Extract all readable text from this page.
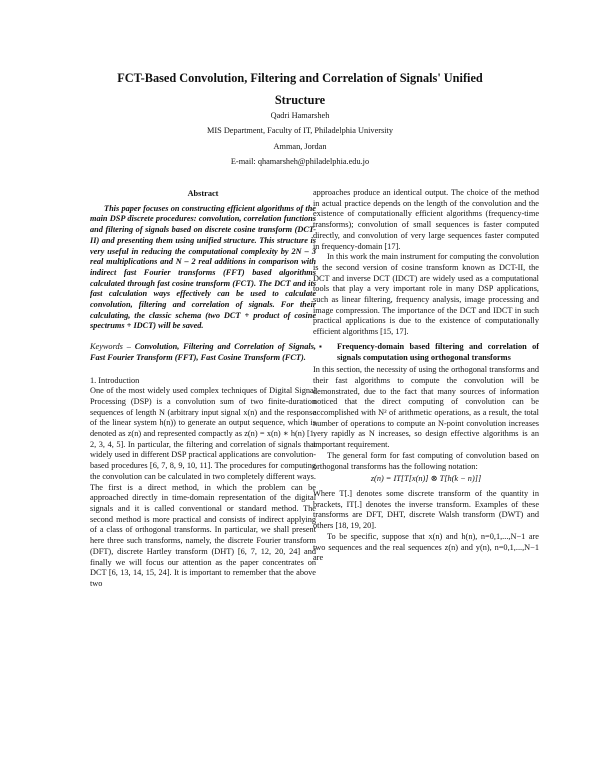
FCT-Based Convolution, Filtering and Correlation of Signals' Unified
Structure

Qadri Hamarsheh

MIS Department, Faculty of IT, Philadelphia University

Amman, Jordan

E-mail: qhamarsheh@philadelphia.edu.jo

Abstract

This paper focuses on constructing efficient algorithms of the main DSP discrete procedures: convolution, correlation functions and filtering of signals based on discrete cosine transform (DCT-II) and presenting them using unified structure. This structure is very useful in reducing the computational complexity by 2N – 3 real multiplications and N – 2 real additions in comparison with indirect fast Fourier transforms (FFT) based algorithms calculated through fast cosine transform (FCT). The DCT and its fast calculation ways effectively can be used to calculate convolution, filtering and correlation of signals. For their calculating, the classic schema (two DCT + product of cosine spectrums + IDCT) will be saved.

Keywords – Convolution, Filtering and Correlation of Signals, Fast Fourier Transform (FFT), Fast Cosine Transform (FCT).

1. Introduction

One of the most widely used complex techniques of Digital Signal Processing (DSP) is a convolution sum of two finite-duration sequences of length N (arbitrary input signal x(n) and the response of the linear system h(n)) to generate an output sequence, which is denoted as z(n) and represented compactly as z(n) = x(n) ∗ h(n) [1, 2, 3, 4, 5]. In particular, the filtering and correlation of signals that widely used in different DSP practical applications are convolution-based procedures [6, 7, 8, 9, 10, 11]. The procedures for computing the convolution can be calculated in two completely different ways. The first is a direct method, in which the problem can be approached directly in time-domain representation of the digital signals and it is called conventional or standard method. The second method is more practical and consists of indirect applying of a class of orthogonal transforms. In particular, we shall present here three such transforms, namely, the discrete Fourier transform (DFT), discrete Hartley transform (DHT) [6, 7, 12, 20, 24] and finally we will focus our attention as the paper concentrates on DCT [6, 13, 14, 15, 24]. It is important to remember that the above two

approaches produce an identical output. The choice of the method in actual practice depends on the length of the convolution and the existence of computationally efficient algorithms (frequency-time transforms); convolution of small sequences is faster computed directly, and convolution of very large sequences faster computed in frequency-domain [17].

In this work the main instrument for computing the convolution is the second version of cosine transform known as DCT-II, the DCT and inverse DCT (IDCT) are widely used as a computational tools that play a very important role in many DSP applications, such as linear filtering, frequency analysis, image processing and image compression. The importance of the DCT and IDCT in such practical applications is due to the existence of computationally efficient algorithms [15, 17].

▪ Frequency-domain based filtering and correlation of signals computation using orthogonal transforms

In this section, the necessity of using the orthogonal transforms and their fast algorithms to compute the convolution will be demonstrated, due to the fact that many sources of information noticed that the direct computing of convolution can be accomplished with N² of arithmetic operations, as a result, the total number of operations to compute an N-point convolution increases very rapidly as N increases, so design effective algorithms is an important requirement.

The general form for fast computing of convolution based on orthogonal transforms has the following notation:

z(n) = IT[T[x(n)] ⊗ T[h(k − n)]]

Where T[.] denotes some discrete transform of the quantity in brackets, IT[.] denotes the inverse transform. Examples of these transforms are DFT, DHT, discrete Walsh transform (DWT) and others [18, 19, 20].

To be specific, suppose that x(n) and h(n), n=0,1,...,N−1 are two sequences and the real sequences z(n) and y(n), n=0,1,...,N−1 are
